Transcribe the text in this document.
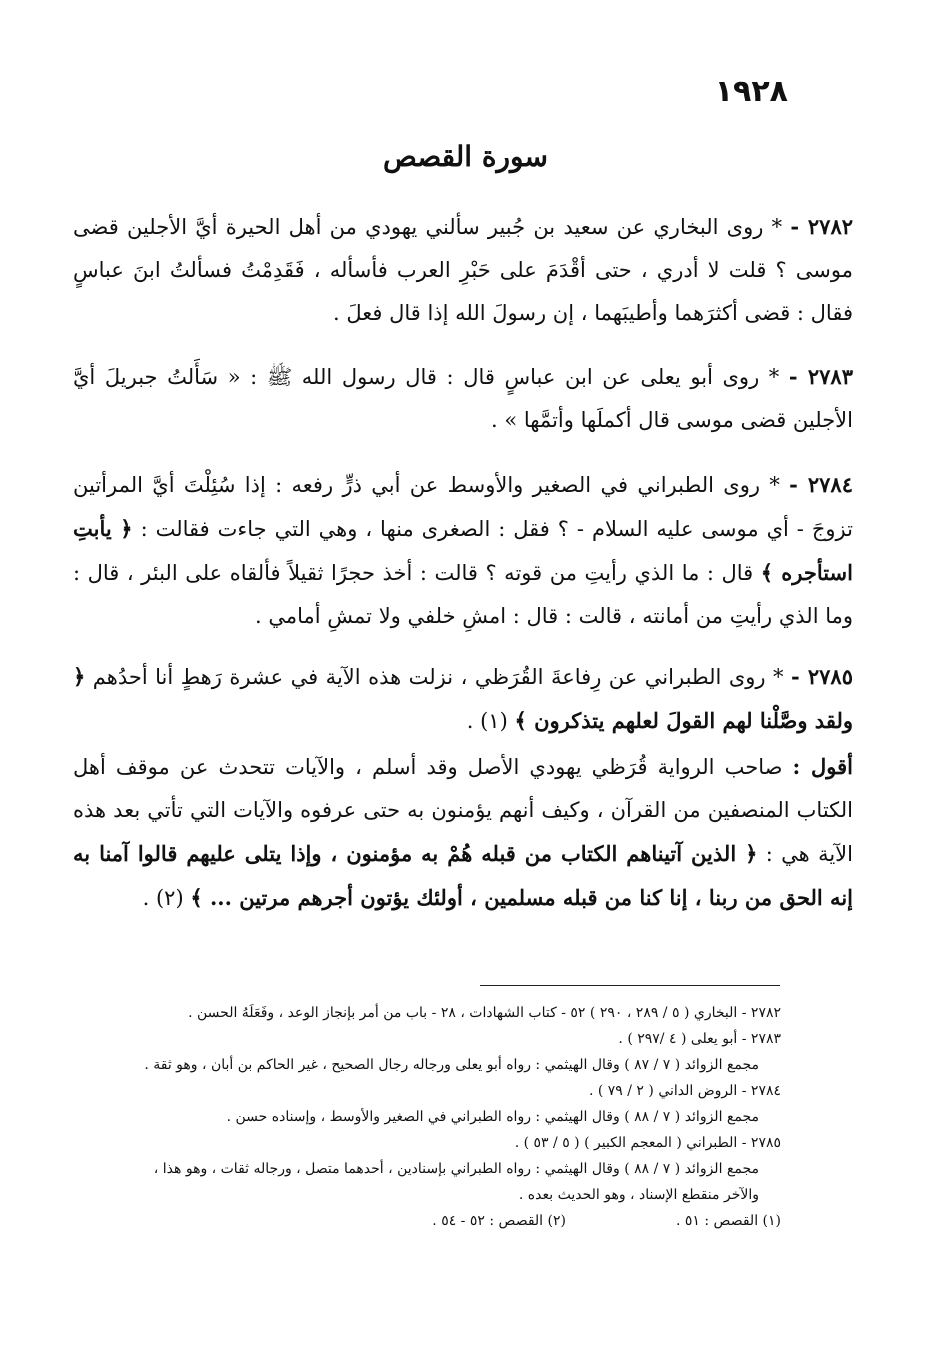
١٩٢٨
سورة القصص

٢٧٨٢ - * روى البخاري عن سعيد بن جُبير سألني يهودي من أهل الحيرة أيَّ الأجلين قضى موسى ؟ قلت لا أدري ، حتى أقْدَمَ على حَبْرِ العرب فأسأله ، فَقَدِمْتُ فسألتُ ابنَ عباسٍ فقال : قضى أكثرَهما وأطيبَهما ، إن رسولَ الله إذا قال فعلَ .

٢٧٨٣ - * روى أبو يعلى عن ابن عباسٍ قال : قال رسول الله ﷺ : « سَأَلتُ جبريلَ أيَّ الأجلين قضى موسى قال أكملَها وأتمَّها » .

٢٧٨٤ - * روى الطبراني في الصغير والأوسط عن أبي ذرٍّ رفعه : إذا سُئِلْتَ أيَّ المرأتين تزوجَ - أي موسى عليه السلام - ؟ فقل : الصغرى منها ، وهي التي جاءت فقالت : ﴿ يأبتِ استأجره ﴾ قال : ما الذي رأيتِ من قوته ؟ قالت : أخذ حجرًا ثقيلاً فألقاه على البئر ، قال : وما الذي رأيتِ من أمانته ، قالت : قال : امشِ خلفي ولا تمشِ أمامي .

٢٧٨٥ - * روى الطبراني عن رِفاعةَ القُرَظي ، نزلت هذه الآية في عشرة رَهطٍ أنا أحدُهم ﴿ ولقد وصَّلْنا لهم القولَ لعلهم يتذكرون ﴾ (١) .

أقول : صاحب الرواية قُرَظي يهودي الأصل وقد أسلم ، والآيات تتحدث عن موقف أهل الكتاب المنصفين من القرآن ، وكيف أنهم يؤمنون به حتى عرفوه والآيات التي تأتي بعد هذه الآية هي : ﴿ الذين آتيناهم الكتاب من قبله هُمْ به مؤمنون ، وإذا يتلى عليهم قالوا آمنا به إنه الحق من ربنا ، إنا كنا من قبله مسلمين ، أولئك يؤتون أجرهم مرتين ... ﴾ (٢) .

٢٧٨٢ - البخاري ( ٥ / ٢٨٩ ، ٢٩٠ ) ٥٢ - كتاب الشهادات ، ٢٨ - باب من أمر بإنجاز الوعد ، وفَعَلَهُ الحسن .

٢٧٨٣ - أبو يعلى ( ٤ /٢٩٧ ) .

مجمع الزوائد ( ٧ / ٨٧ ) وقال الهيثمي : رواه أبو يعلى ورجاله رجال الصحيح ، غير الحاكم بن أبان ، وهو ثقة .

٢٧٨٤ - الروض الداني ( ٢ / ٧٩ ) .

مجمع الزوائد ( ٧ / ٨٨ ) وقال الهيثمي : رواه الطبراني في الصغير والأوسط ، وإسناده حسن .

٢٧٨٥ - الطبراني ( المعجم الكبير ) ( ٥ / ٥٣ ) .

مجمع الزوائد ( ٧ / ٨٨ ) وقال الهيثمي : رواه الطبراني بإسنادين ، أحدهما متصل ، ورجاله ثقات ، وهو هذا ،

والآخر منقطع الإسناد ، وهو الحديث بعده .

(١) القصص : ٥١ .
(٢) القصص : ٥٢ - ٥٤ .
